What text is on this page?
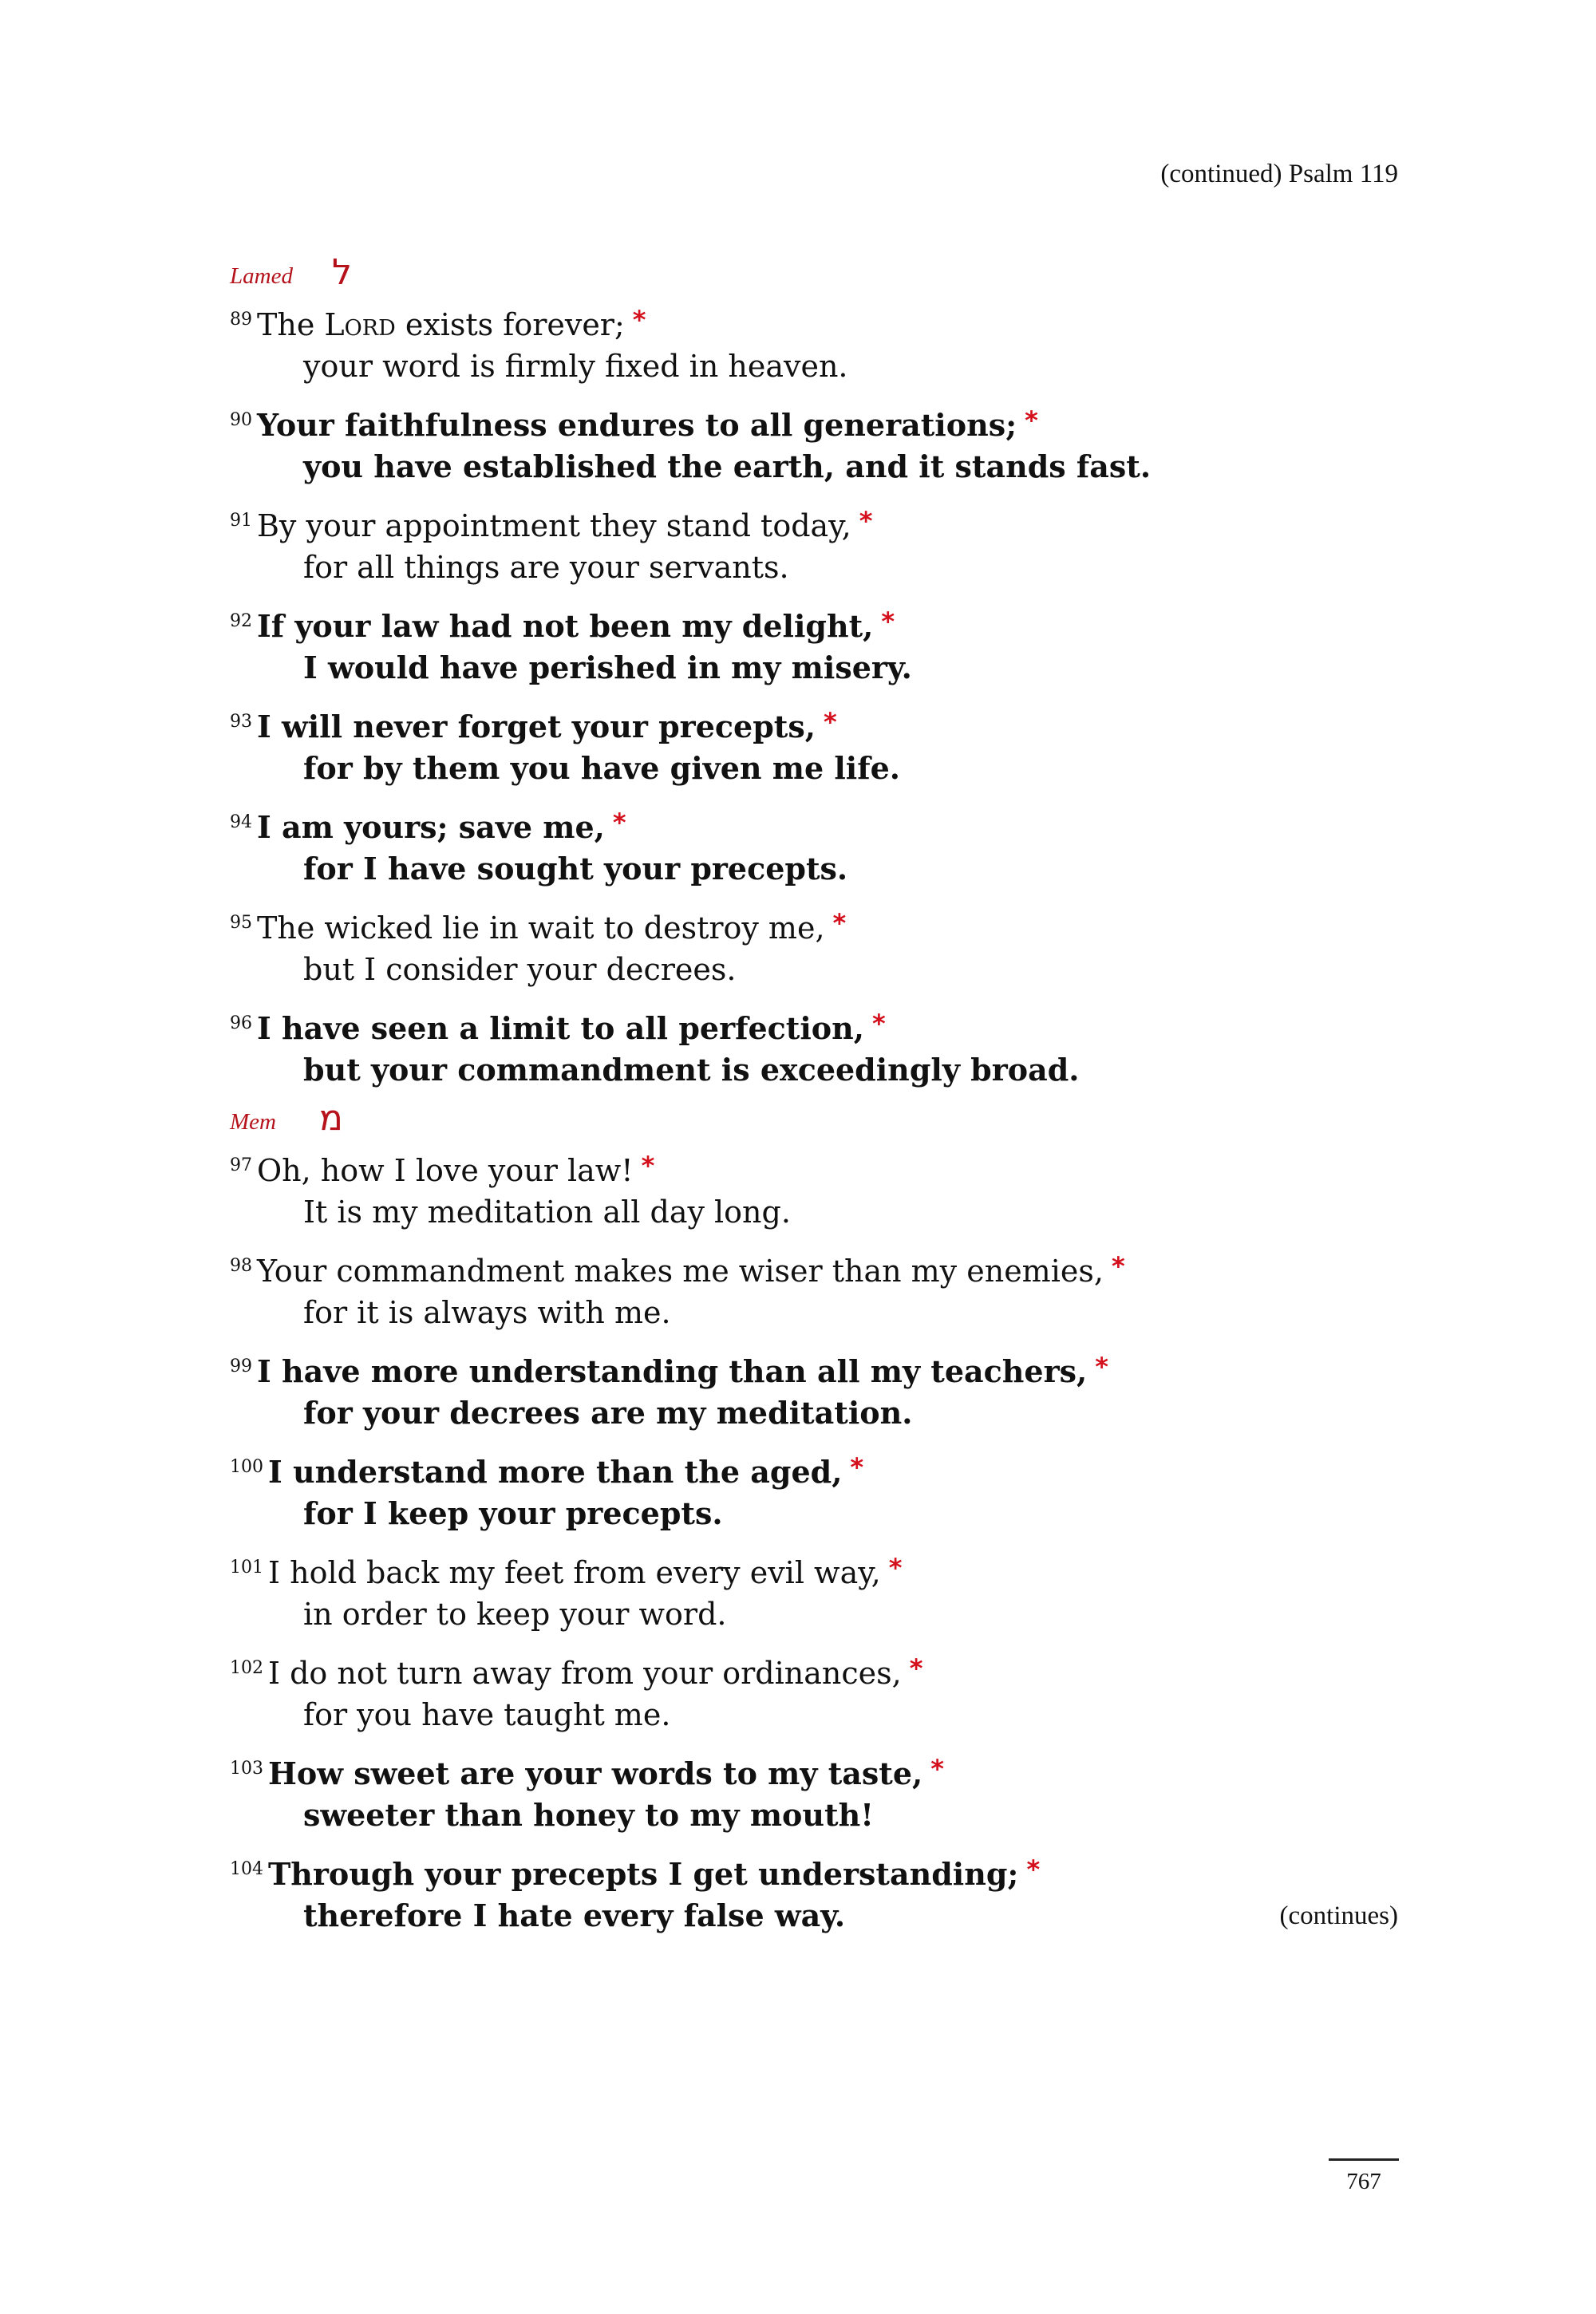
(continued) Psalm 119
Lamed ל
$^{89}$ The Lord exists forever; *
your word is firmly fixed in heaven.
$^{90}$ Your faithfulness endures to all generations; *
you have established the earth, and it stands fast.
$^{91}$ By your appointment they stand today, *
for all things are your servants.
$^{92}$ If your law had not been my delight, *
I would have perished in my misery.
$^{93}$ I will never forget your precepts, *
for by them you have given me life.
$^{94}$ I am yours; save me, *
for I have sought your precepts.
$^{95}$ The wicked lie in wait to destroy me, *
but I consider your decrees.
$^{96}$ I have seen a limit to all perfection, *
but your commandment is exceedingly broad.
Mem מ
$^{97}$ Oh, how I love your law! *
It is my meditation all day long.
$^{98}$ Your commandment makes me wiser than my enemies, *
for it is always with me.
$^{99}$ I have more understanding than all my teachers, *
for your decrees are my meditation.
$^{100}$ I understand more than the aged, *
for I keep your precepts.
$^{101}$ I hold back my feet from every evil way, *
in order to keep your word.
$^{102}$ I do not turn away from your ordinances, *
for you have taught me.
$^{103}$ How sweet are your words to my taste, *
sweeter than honey to my mouth!
$^{104}$ Through your precepts I get understanding; *
therefore I hate every false way.	(continues)
767
